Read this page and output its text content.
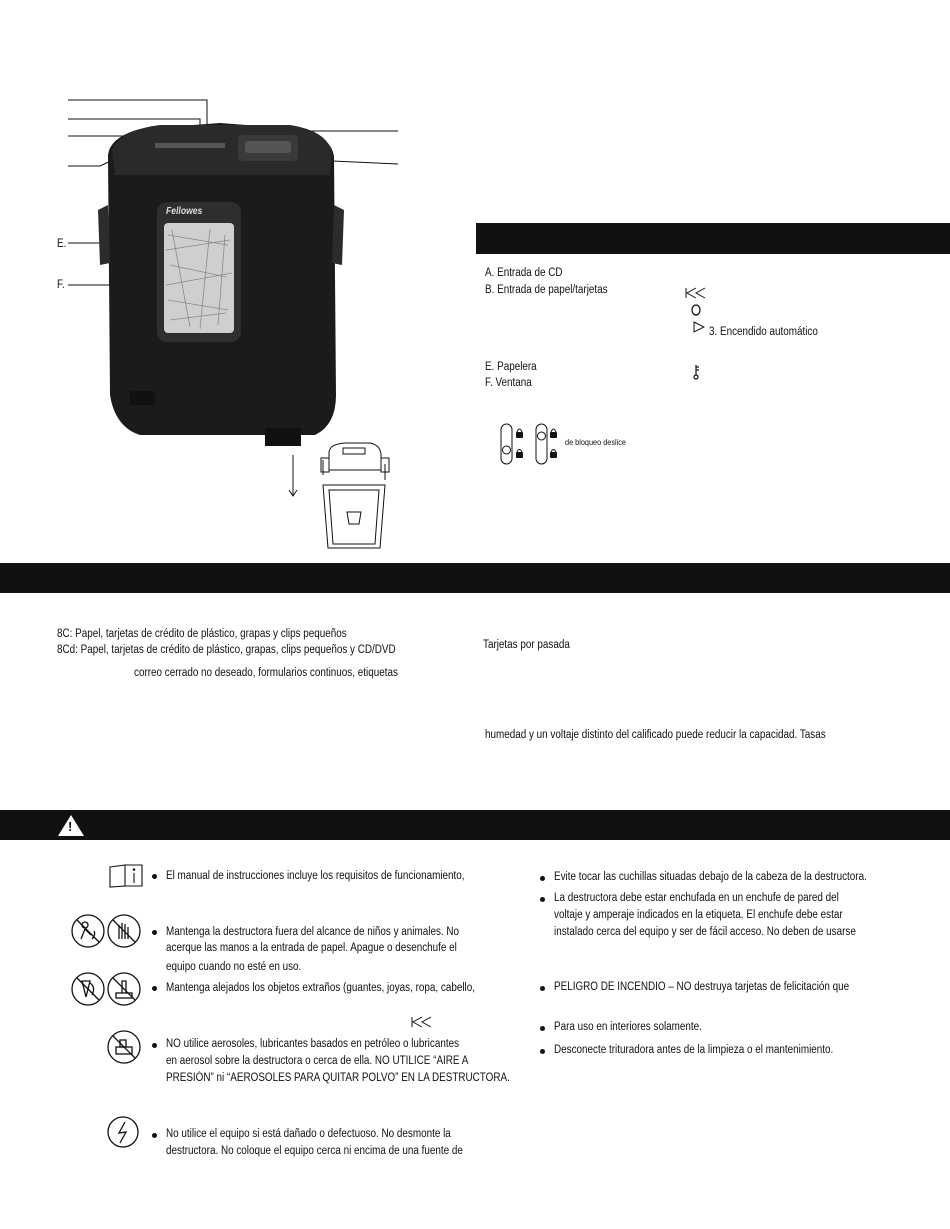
E.
F.
Fellowes
A. Entrada de CD
B. Entrada de papel/tarjetas
E. Papelera
F. Ventana
3. Encendido automático
de bloqueo deslice
8C: Papel, tarjetas de crédito de plástico, grapas y clips pequeños
8Cd: Papel, tarjetas de crédito de plástico, grapas, clips pequeños y CD/DVD
correo cerrado no deseado, formularios continuos, etiquetas
Tarjetas por pasada
humedad y un voltaje distinto del calificado puede reducir la capacidad. Tasas
!
El manual de instrucciones incluye los requisitos de funcionamiento,
Mantenga la destructora fuera del alcance de niños y animales. No
acerque las manos a la entrada de papel. Apague o desenchufe el
equipo cuando no esté en uso.
Mantenga alejados los objetos extraños (guantes, joyas, ropa, cabello,
NO utilice aerosoles, lubricantes basados en petróleo o lubricantes
en aerosol sobre la destructora o cerca de ella. NO UTILICE “AIRE A
PRESIÓN” ni “AEROSOLES PARA QUITAR POLVO” EN LA DESTRUCTORA.
No utilice el equipo si está dañado o defectuoso. No desmonte la
destructora. No coloque el equipo cerca ni encima de una fuente de
Evite tocar las cuchillas situadas debajo de la cabeza de la destructora.
La destructora debe estar enchufada en un enchufe de pared del
voltaje y amperaje indicados en la etiqueta. El enchufe debe estar
instalado cerca del equipo y ser de fácil acceso. No deben de usarse
PELIGRO DE INCENDIO – NO destruya tarjetas de felicitación que
Para uso en interiores solamente.
Desconecte trituradora antes de la limpieza o el mantenimiento.
